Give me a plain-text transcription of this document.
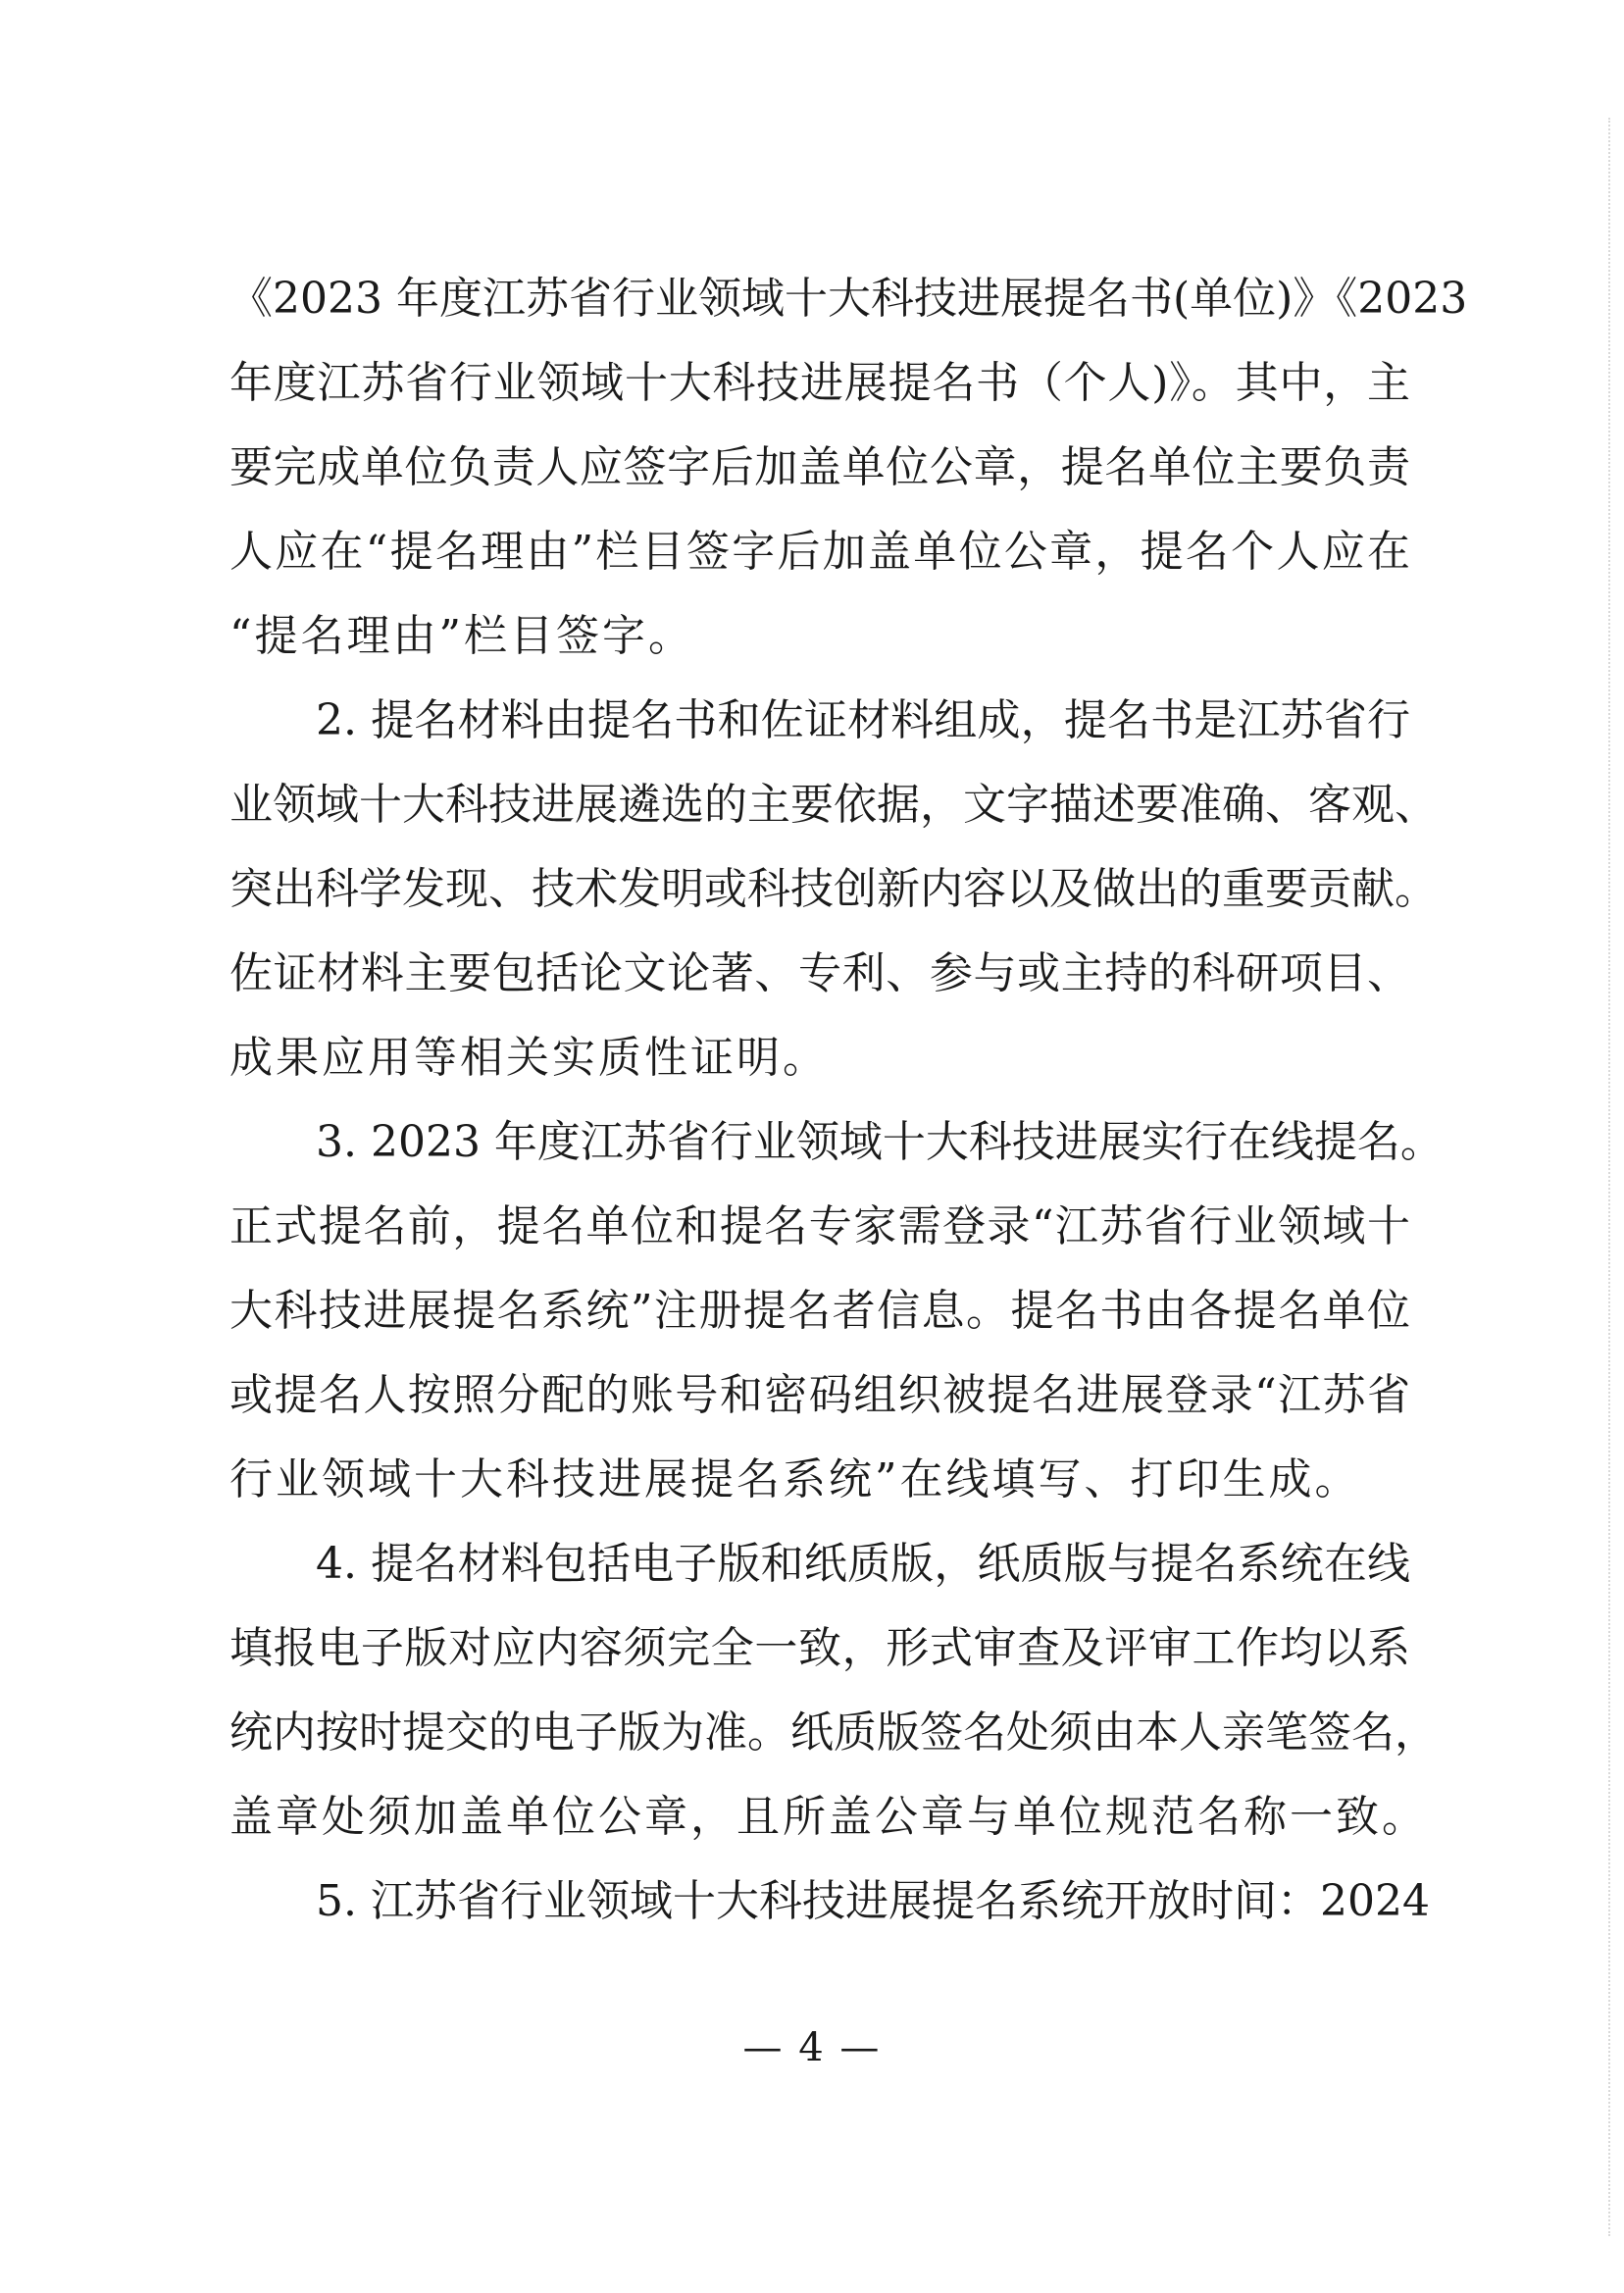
《2023 年度江苏省行业领域十大科技进展提名书(单位)》《2023
年度江苏省行业领域十大科技进展提名书（个人)》。其中，主
要完成单位负责人应签字后加盖单位公章，提名单位主要负责
人应在“提名理由”栏目签字后加盖单位公章，提名个人应在
“提名理由”栏目签字。
2. 提名材料由提名书和佐证材料组成，提名书是江苏省行
业领域十大科技进展遴选的主要依据，文字描述要准确、客观、
突出科学发现、技术发明或科技创新内容以及做出的重要贡献。
佐证材料主要包括论文论著、专利、参与或主持的科研项目、
成果应用等相关实质性证明。
3. 2023 年度江苏省行业领域十大科技进展实行在线提名。
正式提名前，提名单位和提名专家需登录“江苏省行业领域十
大科技进展提名系统”注册提名者信息。提名书由各提名单位
或提名人按照分配的账号和密码组织被提名进展登录“江苏省
行业领域十大科技进展提名系统”在线填写、打印生成。
4. 提名材料包括电子版和纸质版，纸质版与提名系统在线
填报电子版对应内容须完全一致，形式审查及评审工作均以系
统内按时提交的电子版为准。纸质版签名处须由本人亲笔签名，
盖章处须加盖单位公章，且所盖公章与单位规范名称一致。
5. 江苏省行业领域十大科技进展提名系统开放时间：2024
— 4 —
